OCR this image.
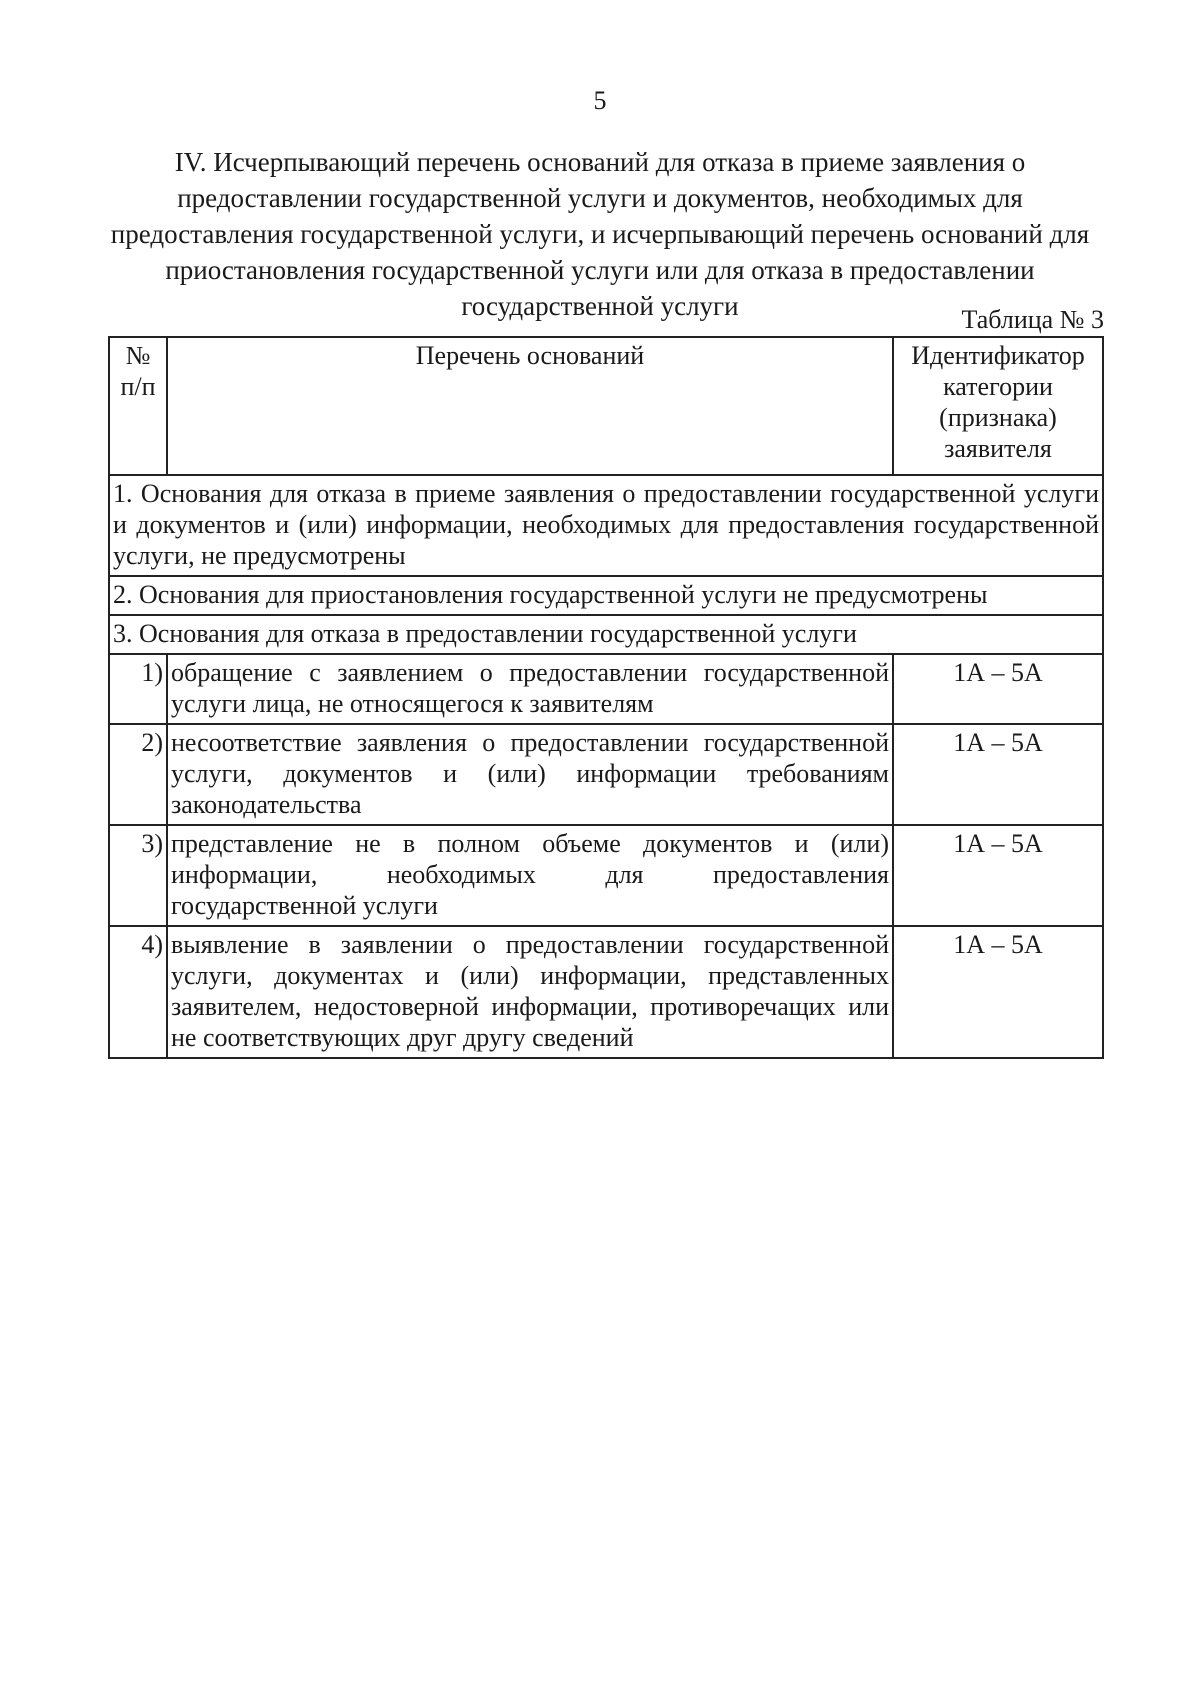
5
IV. Исчерпывающий перечень оснований для отказа в приеме заявления о предоставлении государственной услуги и документов, необходимых для предоставления государственной услуги, и исчерпывающий перечень оснований для приостановления государственной услуги или для отказа в предоставлении государственной услуги	Таблица № 3
№ п/п	Перечень оснований	Идентификатор категории (признака) заявителя
1. Основания для отказа в приеме заявления о предоставлении государственной услуги и документов и (или) информации, необходимых для предоставления государственной услуги, не предусмотрены		
2. Основания для приостановления государственной услуги не предусмотрены		
3. Основания для отказа в предоставлении государственной услуги		
1)	обращение с заявлением о предоставлении государственной услуги лица, не относящегося к заявителям	1А – 5А
2)	несоответствие заявления о предоставлении государственной услуги, документов и (или) информации требованиям законодательства	1А – 5А
3)	представление не в полном объеме документов и (или) информации, необходимых для предоставления государственной услуги	1А – 5А
4)	выявление в заявлении о предоставлении государственной услуги, документах и (или) информации, представленных заявителем, недостоверной информации, противоречащих или не соответствующих друг другу сведений	1А – 5А
